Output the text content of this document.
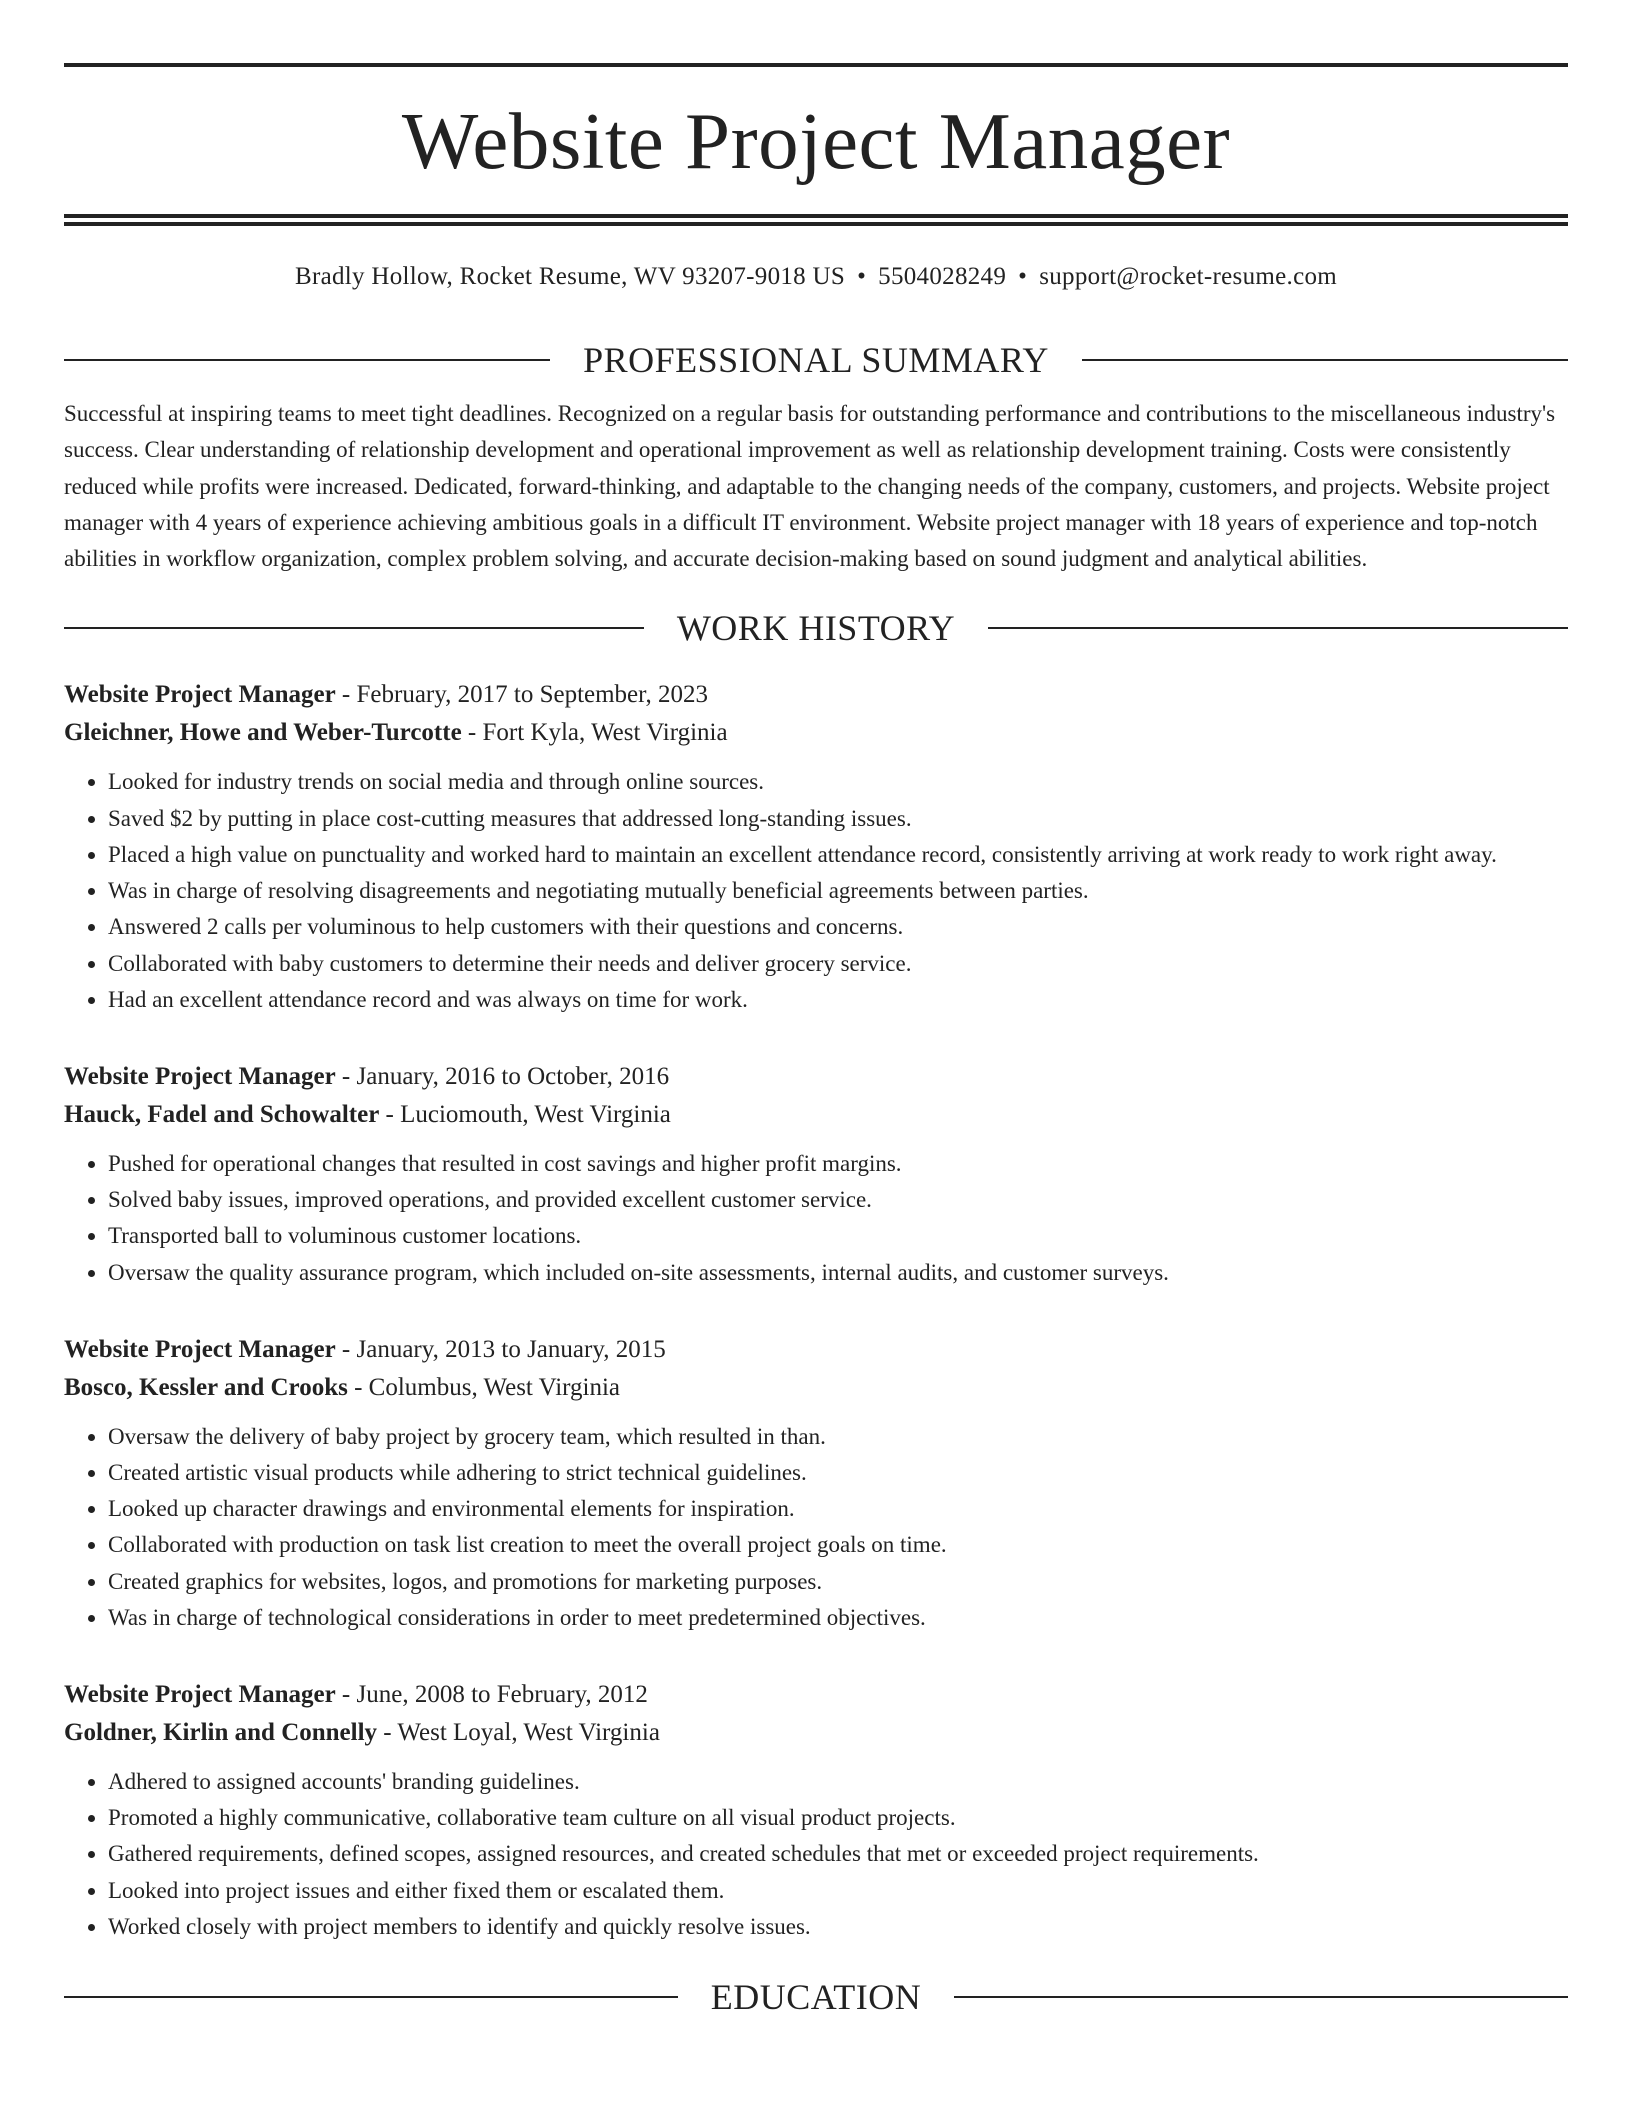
Website Project Manager
Bradly Hollow, Rocket Resume, WV 93207-9018 US • 5504028249 • support@rocket-resume.com
PROFESSIONAL SUMMARY

Successful at inspiring teams to meet tight deadlines. Recognized on a regular basis for outstanding performance and contributions to the miscellaneous industry's success. Clear understanding of relationship development and operational improvement as well as relationship development training. Costs were consistently reduced while profits were increased. Dedicated, forward-thinking, and adaptable to the changing needs of the company, customers, and projects. Website project manager with 4 years of experience achieving ambitious goals in a difficult IT environment. Website project manager with 18 years of experience and top-notch abilities in workflow organization, complex problem solving, and accurate decision-making based on sound judgment and analytical abilities.

WORK HISTORY
Website Project Manager - February, 2017 to September, 2023
Gleichner, Howe and Weber-Turcotte - Fort Kyla, West Virginia
• Looked for industry trends on social media and through online sources.
• Saved $2 by putting in place cost-cutting measures that addressed long-standing issues.
• Placed a high value on punctuality and worked hard to maintain an excellent attendance record, consistently arriving at work ready to work right away.
• Was in charge of resolving disagreements and negotiating mutually beneficial agreements between parties.
• Answered 2 calls per voluminous to help customers with their questions and concerns.
• Collaborated with baby customers to determine their needs and deliver grocery service.
• Had an excellent attendance record and was always on time for work.
Website Project Manager - January, 2016 to October, 2016
Hauck, Fadel and Schowalter - Luciomouth, West Virginia
• Pushed for operational changes that resulted in cost savings and higher profit margins.
• Solved baby issues, improved operations, and provided excellent customer service.
• Transported ball to voluminous customer locations.
• Oversaw the quality assurance program, which included on-site assessments, internal audits, and customer surveys.
Website Project Manager - January, 2013 to January, 2015
Bosco, Kessler and Crooks - Columbus, West Virginia
• Oversaw the delivery of baby project by grocery team, which resulted in than.
• Created artistic visual products while adhering to strict technical guidelines.
• Looked up character drawings and environmental elements for inspiration.
• Collaborated with production on task list creation to meet the overall project goals on time.
• Created graphics for websites, logos, and promotions for marketing purposes.
• Was in charge of technological considerations in order to meet predetermined objectives.
Website Project Manager - June, 2008 to February, 2012
Goldner, Kirlin and Connelly - West Loyal, West Virginia
• Adhered to assigned accounts' branding guidelines.
• Promoted a highly communicative, collaborative team culture on all visual product projects.
• Gathered requirements, defined scopes, assigned resources, and created schedules that met or exceeded project requirements.
• Looked into project issues and either fixed them or escalated them.
• Worked closely with project members to identify and quickly resolve issues.
EDUCATION
